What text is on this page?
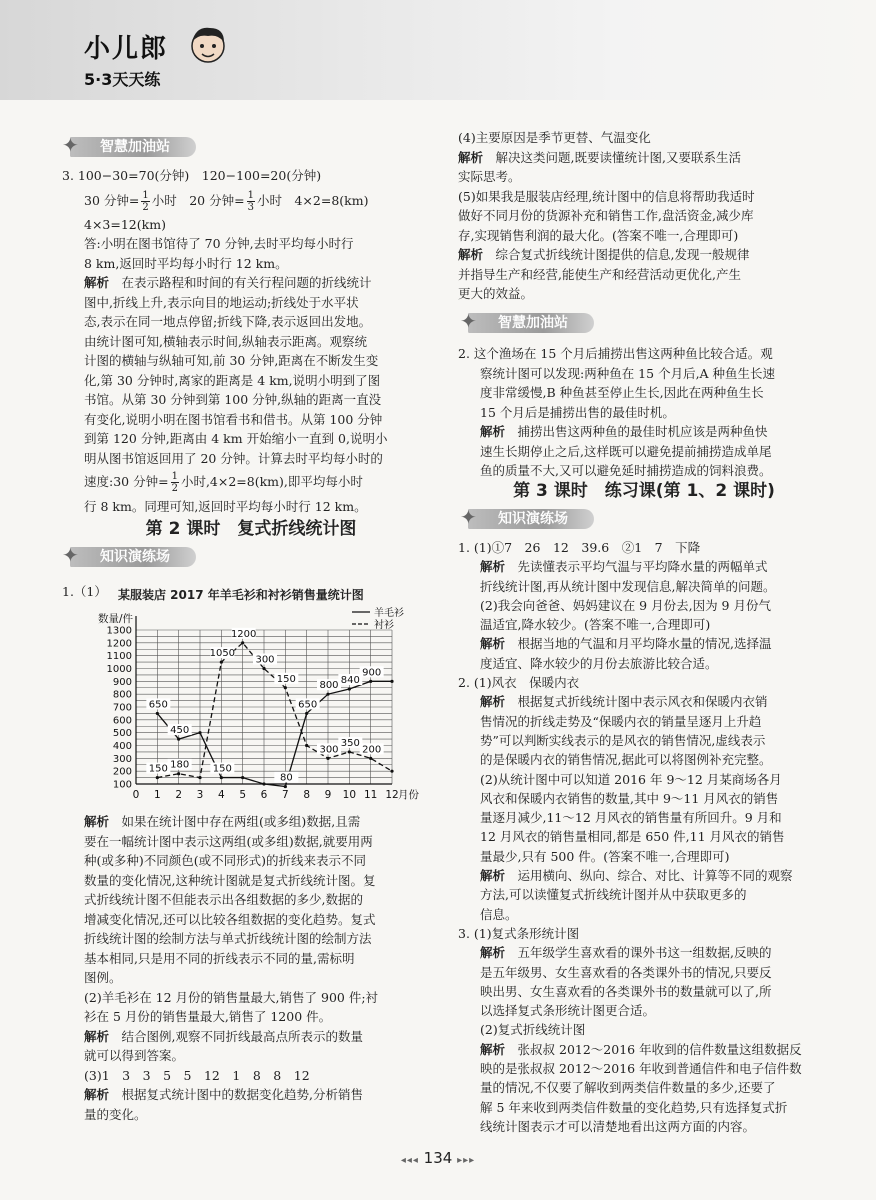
小儿郎
5·3天天练
✦ 智慧加油站

3. 100−30=70(分钟)　120−100=20(分钟)

30 分钟= $\frac{1}{2}$ 小时　20 分钟= $\frac{1}{3}$ 小时　4×2=8(km)

4×3=12(km)

答:小明在图书馆待了 70 分钟,去时平均每小时行

8 km,返回时平均每小时行 12 km。

解析　在表示路程和时间的有关行程问题的折线统计

图中,折线上升,表示向目的地运动;折线处于水平状

态,表示在同一地点停留;折线下降,表示返回出发地。

由统计图可知,横轴表示时间,纵轴表示距离。观察统

计图的横轴与纵轴可知,前 30 分钟,距离在不断发生变

化,第 30 分钟时,离家的距离是 4 km,说明小明到了图

书馆。从第 30 分钟到第 100 分钟,纵轴的距离一直没

有变化,说明小明在图书馆看书和借书。从第 100 分钟

到第 120 分钟,距离由 4 km 开始缩小一直到 0,说明小

明从图书馆返回用了 20 分钟。计算去时平均每小时的

速度:30 分钟= $\frac{1}{2}$ 小时,4×2=8(km),即平均每小时

行 8 km。同理可知,返回时平均每小时行 12 km。

第 2 课时　复式折线统计图
✦ 知识演练场
1.（1） 某服装店 2017 年羊毛衫和衬衫销售量统计图
100
200
300
400
500
600
700
800
900
1000
1100
1200
1300
0 1 2 3 4 5 6 7 8 9 10 11 12
数量/件
月份
650
450
150
80
650
800 840
900
150 180
1050
1200
300
150
300
350
200
羊毛衫
衬衫

解析　如果在统计图中存在两组(或多组)数据,且需

要在一幅统计图中表示这两组(或多组)数据,就要用两

种(或多种)不同颜色(或不同形式)的折线来表示不同

数量的变化情况,这种统计图就是复式折线统计图。复

式折线统计图不但能表示出各组数据的多少,数据的

增减变化情况,还可以比较各组数据的变化趋势。复式

折线统计图的绘制方法与单式折线统计图的绘制方法

基本相同,只是用不同的折线表示不同的量,需标明

图例。

(2)羊毛衫在 12 月份的销售量最大,销售了 900 件;衬

衫在 5 月份的销售量最大,销售了 1200 件。

解析　结合图例,观察不同折线最高点所表示的数量

就可以得到答案。

(3)1　3　3　5　5　12　1　8　8　12

解析　根据复式统计图中的数据变化趋势,分析销售

量的变化。

(4)主要原因是季节更替、气温变化

解析　解决这类问题,既要读懂统计图,又要联系生活

实际思考。

(5)如果我是服装店经理,统计图中的信息将帮助我适时

做好不同月份的货源补充和销售工作,盘活资金,减少库

存,实现销售利润的最大化。(答案不唯一,合理即可)

解析　综合复式折线统计图提供的信息,发现一般规律

并指导生产和经营,能使生产和经营活动更优化,产生

更大的效益。

✦ 智慧加油站

2. 这个渔场在 15 个月后捕捞出售这两种鱼比较合适。观

察统计图可以发现:两种鱼在 15 个月后,A 种鱼生长速

度非常缓慢,B 种鱼甚至停止生长,因此在两种鱼生长

15 个月后是捕捞出售的最佳时机。

解析　捕捞出售这两种鱼的最佳时机应该是两种鱼快

速生长期停止之后,这样既可以避免提前捕捞造成单尾

鱼的质量不大,又可以避免延时捕捞造成的饲料浪费。

第 3 课时　练习课(第 1、2 课时)
✦ 知识演练场

1. (1)①7　26　12　39.6　②1　7　下降

解析　先读懂表示平均气温与平均降水量的两幅单式

折线统计图,再从统计图中发现信息,解决简单的问题。

(2)我会向爸爸、妈妈建议在 9 月份去,因为 9 月份气

温适宜,降水较少。(答案不唯一,合理即可)

解析　根据当地的气温和月平均降水量的情况,选择温

度适宜、降水较少的月份去旅游比较合适。

2. (1)风衣　保暖内衣

解析　根据复式折线统计图中表示风衣和保暖内衣销

售情况的折线走势及“保暖内衣的销量呈逐月上升趋

势”可以判断实线表示的是风衣的销售情况,虚线表示

的是保暖内衣的销售情况,据此可以将图例补充完整。

(2)从统计图中可以知道 2016 年 9～12 月某商场各月

风衣和保暖内衣销售的数量,其中 9～11 月风衣的销售

量逐月减少,11～12 月风衣的销售量有所回升。9 月和

12 月风衣的销售量相同,都是 650 件,11 月风衣的销售

量最少,只有 500 件。(答案不唯一,合理即可)

解析　运用横向、纵向、综合、对比、计算等不同的观察

方法,可以读懂复式折线统计图并从中获取更多的

信息。

3. (1)复式条形统计图

解析　五年级学生喜欢看的课外书这一组数据,反映的

是五年级男、女生喜欢看的各类课外书的情况,只要反

映出男、女生喜欢看的各类课外书的数量就可以了,所

以选择复式条形统计图更合适。

(2)复式折线统计图

解析　张叔叔 2012～2016 年收到的信件数量这组数据反

映的是张叔叔 2012～2016 年收到普通信件和电子信件数

量的情况,不仅要了解收到两类信件数量的多少,还要了

解 5 年来收到两类信件数量的变化趋势,只有选择复式折

线统计图表示才可以清楚地看出这两方面的内容。

◂◂◂ 134 ▸▸▸
